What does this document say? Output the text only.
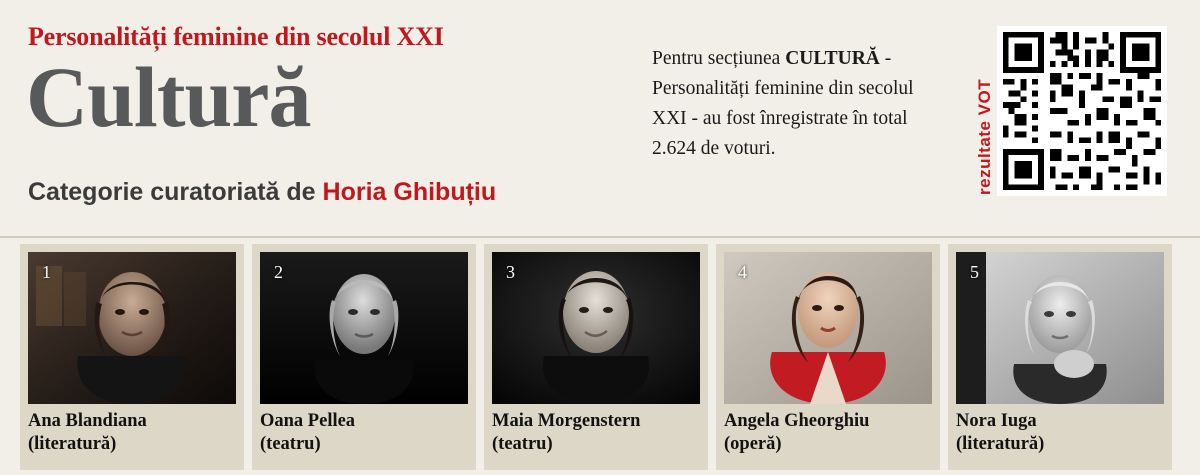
Personalități feminine din secolul XXI
Cultură
Categorie curatoriată de Horia Ghibuțiu
Pentru secțiunea CULTURĂ - Personalități feminine din secolul XXI - au fost înregistrate în total 2.624 de voturi.	rezultate VOT
1
Ana Blandiana
(literatură)
2
Oana Pellea
(teatru)
3
Maia Morgenstern
(teatru)
4
Angela Gheorghiu
(operă)
5
Nora Iuga
(literatură)
